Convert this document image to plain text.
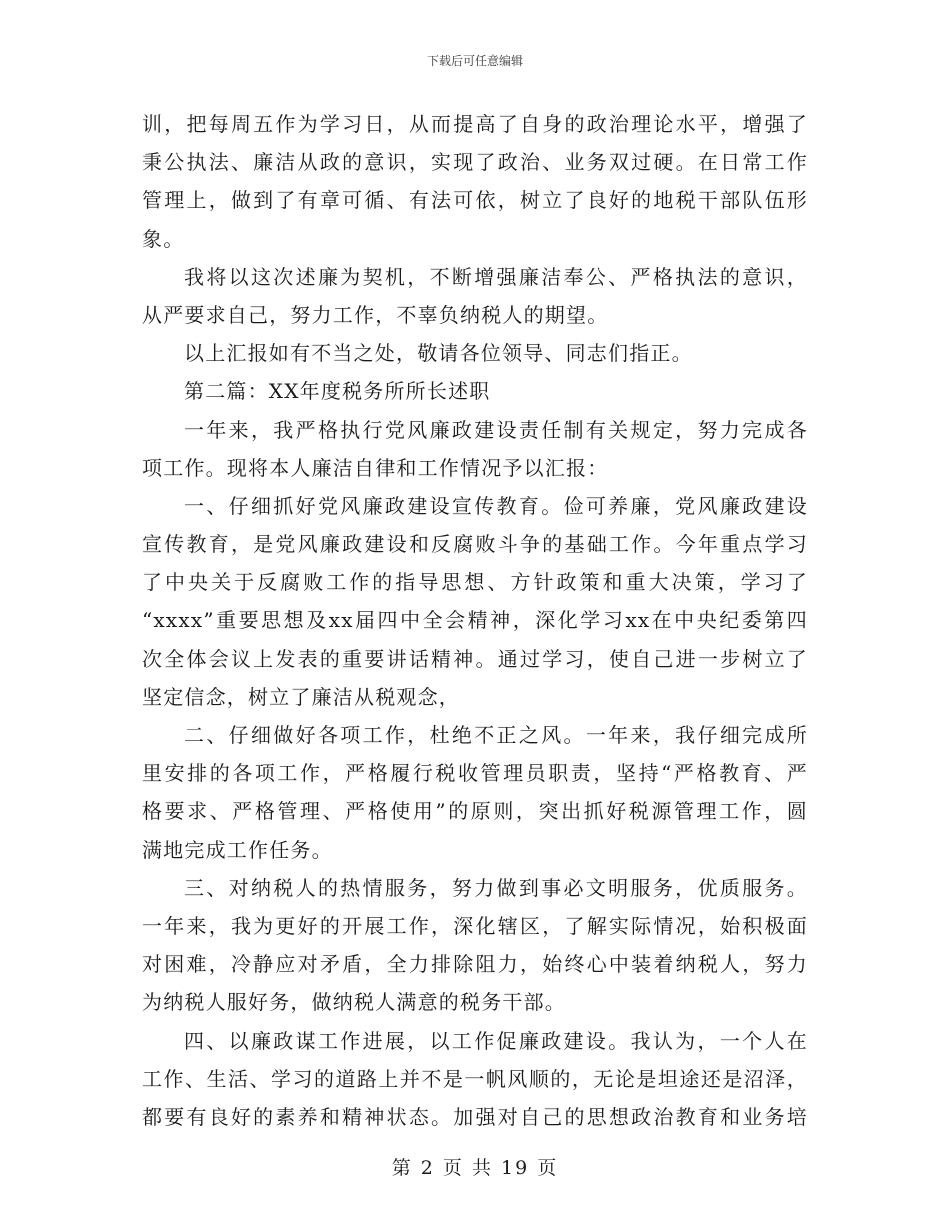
下载后可任意编辑
训，把每周五作为学习日，从而提高了自身的政治理论水平，增强了
秉公执法、廉洁从政的意识，实现了政治、业务双过硬。在日常工作
管理上，做到了有章可循、有法可依，树立了良好的地税干部队伍形
象。
我将以这次述廉为契机，不断增强廉洁奉公、严格执法的意识，
从严要求自己，努力工作，不辜负纳税人的期望。
以上汇报如有不当之处，敬请各位领导、同志们指正。
第二篇：XX年度税务所所长述职
一年来，我严格执行党风廉政建设责任制有关规定，努力完成各
项工作。现将本人廉洁自律和工作情况予以汇报：
一、仔细抓好党风廉政建设宣传教育。俭可养廉，党风廉政建设
宣传教育，是党风廉政建设和反腐败斗争的基础工作。今年重点学习
了中央关于反腐败工作的指导思想、方针政策和重大决策，学习了
“xxxx”重要思想及xx届四中全会精神，深化学习xx在中央纪委第四
次全体会议上发表的重要讲话精神。通过学习，使自己进一步树立了
坚定信念，树立了廉洁从税观念，
二、仔细做好各项工作，杜绝不正之风。一年来，我仔细完成所
里安排的各项工作，严格履行税收管理员职责，坚持“严格教育、严
格要求、严格管理、严格使用”的原则，突出抓好税源管理工作，圆
满地完成工作任务。
三、对纳税人的热情服务，努力做到事必文明服务，优质服务。
一年来，我为更好的开展工作，深化辖区，了解实际情况，始积极面
对困难，冷静应对矛盾，全力排除阻力，始终心中装着纳税人，努力
为纳税人服好务，做纳税人满意的税务干部。
四、以廉政谋工作进展，以工作促廉政建设。我认为，一个人在
工作、生活、学习的道路上并不是一帆风顺的，无论是坦途还是沼泽，
都要有良好的素养和精神状态。加强对自己的思想政治教育和业务培
第 2 页 共 19 页
